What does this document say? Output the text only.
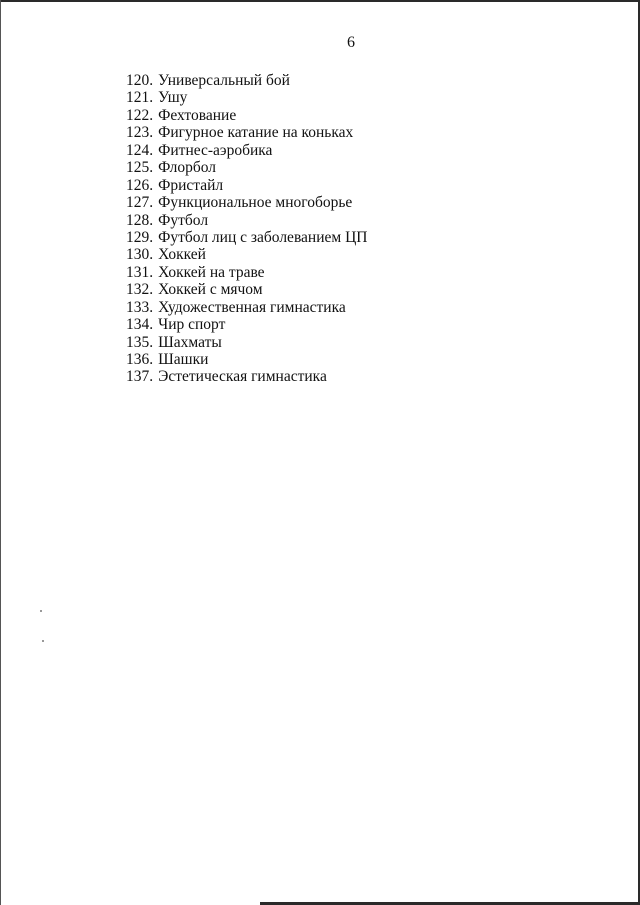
6
120. Универсальный бой
121. Ушу
122. Фехтование
123. Фигурное катание на коньках
124. Фитнес-аэробика
125. Флорбол
126. Фристайл
127. Функциональное многоборье
128. Футбол
129. Футбол лиц с заболеванием ЦП
130. Хоккей
131. Хоккей на траве
132. Хоккей с мячом
133. Художественная гимнастика
134. Чир спорт
135. Шахматы
136. Шашки
137. Эстетическая гимнастика
